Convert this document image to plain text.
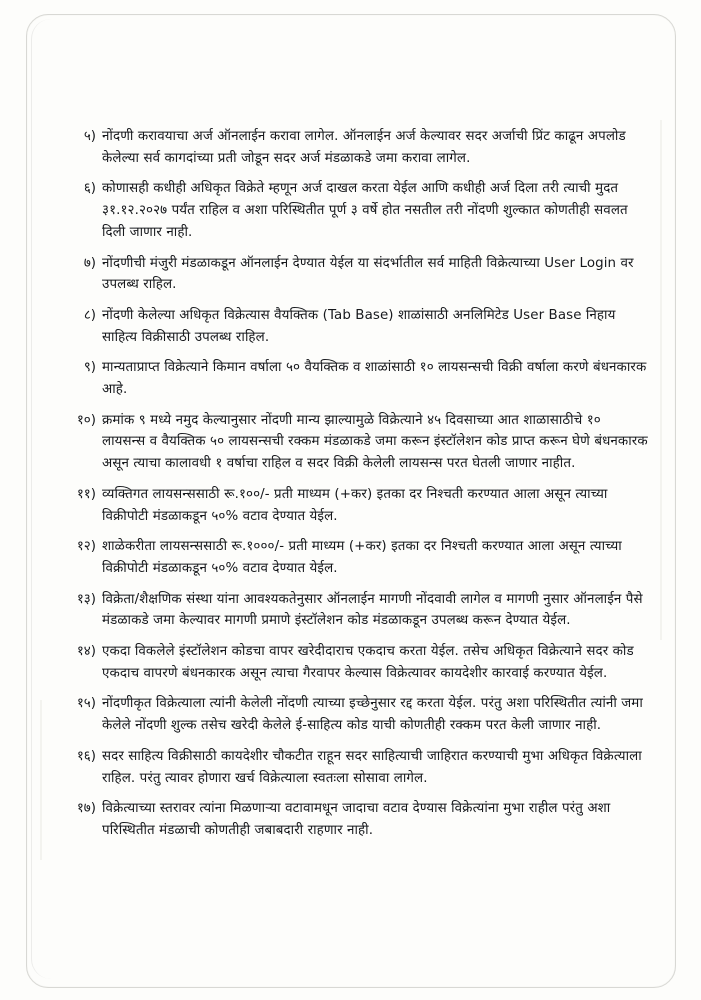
५) नोंदणी करावयाचा अर्ज ऑनलाईन करावा लागेल. ऑनलाईन अर्ज केल्यावर सदर अर्जाची प्रिंट काढून अपलोड केलेल्या सर्व कागदांच्या प्रती जोडून सदर अर्ज मंडळाकडे जमा करावा लागेल.
६) कोणासही कधीही अधिकृत विक्रेते म्हणून अर्ज दाखल करता येईल आणि कधीही अर्ज दिला तरी त्याची मुदत ३१.१२.२०२७ पर्यंत राहिल व अशा परिस्थितीत पूर्ण ३ वर्षे होत नसतील तरी नोंदणी शुल्कात कोणतीही सवलत दिली जाणार नाही.
७) नोंदणीची मंजुरी मंडळाकडून ऑनलाईन देण्यात येईल या संदर्भातील सर्व माहिती विक्रेत्याच्या User Login वर उपलब्ध राहिल.
८) नोंदणी केलेल्या अधिकृत विक्रेत्यास वैयक्तिक (Tab Base) शाळांसाठी अनलिमिटेड User Base निहाय साहित्य विक्रीसाठी उपलब्ध राहिल.
९) मान्यताप्राप्त विक्रेत्याने किमान वर्षाला ५० वैयक्तिक व शाळांसाठी १० लायसन्सची विक्री वर्षाला करणे बंधनकारक आहे.
१०) क्रमांक ९ मध्ये नमुद केल्यानुसार नोंदणी मान्य झाल्यामुळे विक्रेत्याने ४५ दिवसाच्या आत शाळासाठीचे १० लायसन्स व वैयक्तिक ५० लायसन्सची रक्कम मंडळाकडे जमा करून इंस्टॉलेशन कोड प्राप्त करून घेणे बंधनकारक असून त्याचा कालावधी १ वर्षाचा राहिल व सदर विक्री केलेली लायसन्स परत घेतली जाणार नाहीत.
११) व्यक्तिगत लायसन्ससाठी रू.१००/- प्रती माध्यम (+कर) इतका दर निश्चती करण्यात आला असून त्याच्या विक्रीपोटी मंडळाकडून ५०% वटाव देण्यात येईल.
१२) शाळेकरीता लायसन्ससाठी रू.१०००/- प्रती माध्यम (+कर) इतका दर निश्चती करण्यात आला असून त्याच्या विक्रीपोटी मंडळाकडून ५०% वटाव देण्यात येईल.
१३) विक्रेता/शैक्षणिक संस्था यांना आवश्यकतेनुसार ऑनलाईन मागणी नोंदवावी लागेल व मागणी नुसार ऑनलाईन पैसे मंडळाकडे जमा केल्यावर मागणी प्रमाणे इंस्टॉलेशन कोड मंडळाकडून उपलब्ध करून देण्यात येईल.
१४) एकदा विकलेले इंस्टॉलेशन कोडचा वापर खरेदीदाराच एकदाच करता येईल. तसेच अधिकृत विक्रेत्याने सदर कोड एकदाच वापरणे बंधनकारक असून त्याचा गैरवापर केल्यास विक्रेत्यावर कायदेशीर कारवाई करण्यात येईल.
१५) नोंदणीकृत विक्रेत्याला त्यांनी केलेली नोंदणी त्याच्या इच्छेनुसार रद्द करता येईल. परंतु अशा परिस्थितीत त्यांनी जमा केलेले नोंदणी शुल्क तसेच खरेदी केलेले ई-साहित्य कोड याची कोणतीही रक्कम परत केली जाणार नाही.
१६) सदर साहित्य विक्रीसाठी कायदेशीर चौकटीत राहून सदर साहित्याची जाहिरात करण्याची मुभा अधिकृत विक्रेत्याला राहिल. परंतु त्यावर होणारा खर्च विक्रेत्याला स्वतःला सोसावा लागेल.
१७) विक्रेत्याच्या स्तरावर त्यांना मिळणाऱ्या वटावामधून जादाचा वटाव देण्यास विक्रेत्यांना मुभा राहील परंतु अशा परिस्थितीत मंडळाची कोणतीही जबाबदारी राहणार नाही.
